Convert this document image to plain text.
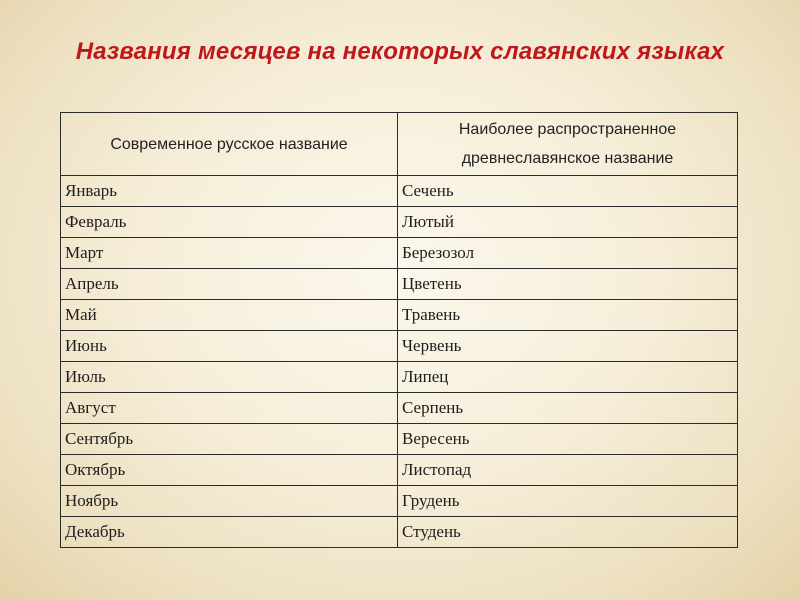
Названия месяцев на некоторых славянских языках
Современное русское название	Наиболее распространенное древнеславянское название
Январь	Сечень
Февраль	Лютый
Март	Березозол
Апрель	Цветень
Май	Травень
Июнь	Червень
Июль	Липец
Август	Серпень
Сентябрь	Вересень
Октябрь	Листопад
Ноябрь	Грудень
Декабрь	Студень
